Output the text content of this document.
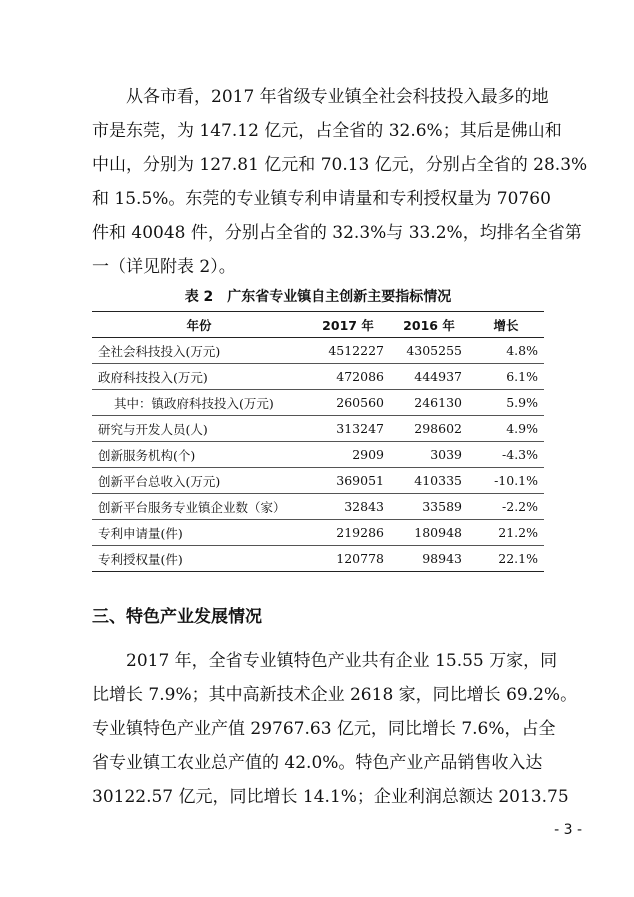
　　从各市看，2017 年省级专业镇全社会科技投入最多的地
市是东莞，为 147.12 亿元，占全省的 32.6%；其后是佛山和
中山，分别为 127.81 亿元和 70.13 亿元，分别占全省的 28.3%
和 15.5%。东莞的专业镇专利申请量和专利授权量为 70760
件和 40048 件，分别占全省的 32.3%与 33.2%，均排名全省第
一（详见附表 2）。
表 2　广东省专业镇自主创新主要指标情况
年份	2017 年	2016 年	增长
全社会科技投入(万元)	4512227	4305255	4.8%
政府科技投入(万元)	472086	444937	6.1%
其中：镇政府科技投入(万元)	260560	246130	5.9%
研究与开发人员(人)	313247	298602	4.9%
创新服务机构(个)	2909	3039	-4.3%
创新平台总收入(万元)	369051	410335	-10.1%
创新平台服务专业镇企业数（家）	32843	33589	-2.2%
专利申请量(件)	219286	180948	21.2%
专利授权量(件)	120778	98943	22.1%
三、特色产业发展情况
　　2017 年，全省专业镇特色产业共有企业 15.55 万家，同
比增长 7.9%；其中高新技术企业 2618 家，同比增长 69.2%。
专业镇特色产业产值 29767.63 亿元，同比增长 7.6%，占全
省专业镇工农业总产值的 42.0%。特色产业产品销售收入达
30122.57 亿元，同比增长 14.1%；企业利润总额达 2013.75
- 3 -
